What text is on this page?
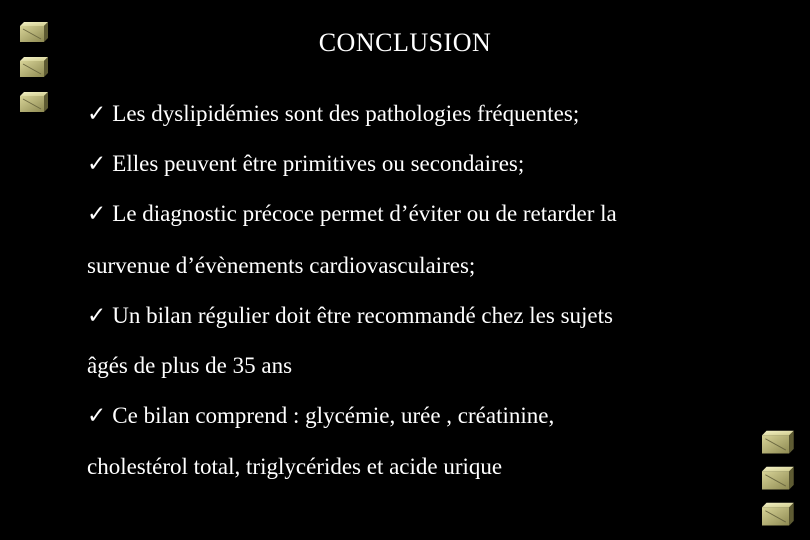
CONCLUSION
✓ Les dyslipidémies sont des pathologies fréquentes;
✓ Elles peuvent être primitives ou secondaires;
✓ Le diagnostic précoce permet d’éviter ou de retarder la
survenue d’évènements cardiovasculaires;
✓ Un bilan régulier doit être recommandé chez les sujets
âgés de plus de 35 ans
✓ Ce bilan comprend : glycémie, urée , créatinine,
cholestérol total, triglycérides et acide urique
